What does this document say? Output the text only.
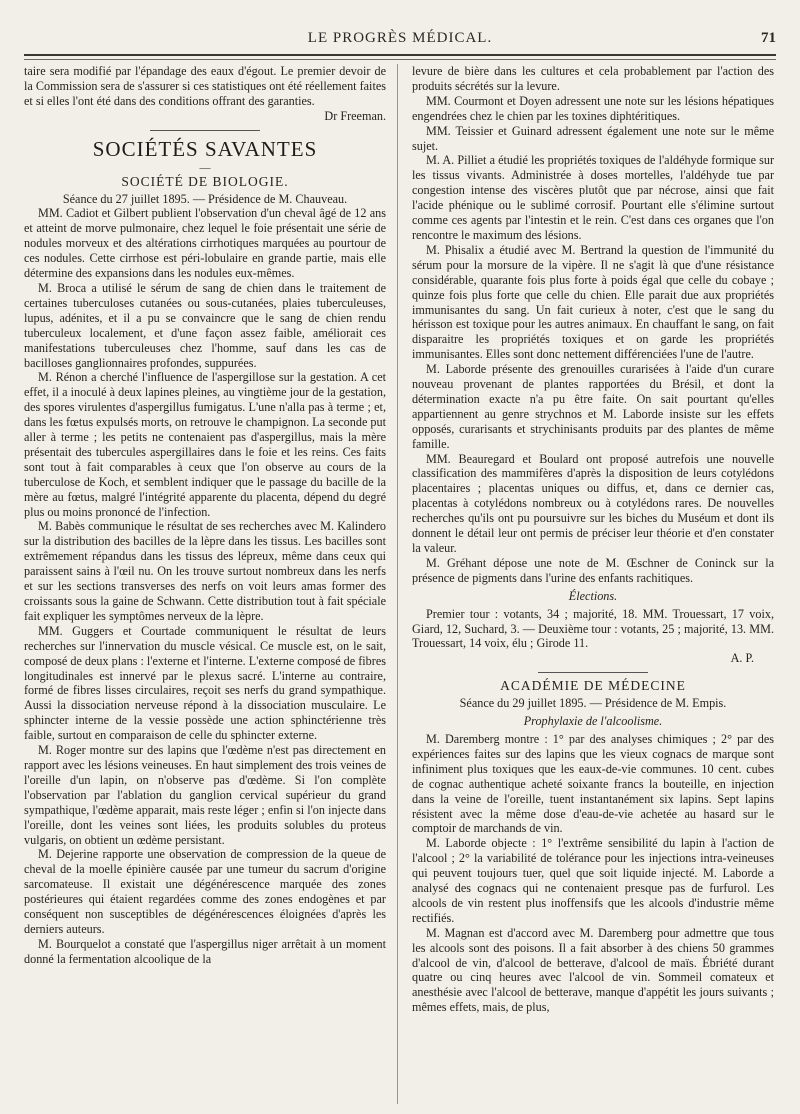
LE PROGRÈS MÉDICAL.	71

taire sera modifié par l'épandage des eaux d'égout. Le premier devoir de la Commission sera de s'assurer si ces statistiques ont été réellement faites et si elles l'ont été dans des conditions offrant des garanties.

Dr Freeman.
SOCIÉTÉS SAVANTES
—
SOCIÉTÉ DE BIOLOGIE.

Séance du 27 juillet 1895. — Présidence de M. Chauveau.

MM. Cadiot et Gilbert publient l'observation d'un cheval âgé de 12 ans et atteint de morve pulmonaire, chez lequel le foie présentait une série de nodules morveux et des altérations cirrhotiques marquées au pourtour de ces nodules. Cette cirrhose est péri-lobulaire en grande partie, mais elle détermine des expansions dans les nodules eux-mêmes.

M. Broca a utilisé le sérum de sang de chien dans le traitement de certaines tuberculoses cutanées ou sous-cutanées, plaies tuberculeuses, lupus, adénites, et il a pu se convaincre que le sang de chien rendu tuberculeux localement, et d'une façon assez faible, améliorait ces manifestations tuberculeuses chez l'homme, sauf dans les cas de bacilloses ganglionnaires profondes, suppurées.

M. Rénon a cherché l'influence de l'aspergillose sur la gestation. A cet effet, il a inoculé à deux lapines pleines, au vingtième jour de la gestation, des spores virulentes d'aspergillus fumigatus. L'une n'alla pas à terme ; et, dans les fœtus expulsés morts, on retrouve le champignon. La seconde put aller à terme ; les petits ne contenaient pas d'aspergillus, mais la mère présentait des tubercules aspergillaires dans le foie et les reins. Ces faits sont tout à fait comparables à ceux que l'on observe au cours de la tuberculose de Koch, et semblent indiquer que le passage du bacille de la mère au fœtus, malgré l'intégrité apparente du placenta, dépend du degré plus ou moins prononcé de l'infection.

M. Babès communique le résultat de ses recherches avec M. Kalindero sur la distribution des bacilles de la lèpre dans les tissus. Les bacilles sont extrêmement répandus dans les tissus des lépreux, même dans ceux qui paraissent sains à l'œil nu. On les trouve surtout nombreux dans les nerfs et sur les sections transverses des nerfs on voit leurs amas former des croissants sous la gaine de Schwann. Cette distribution tout à fait spéciale fait expliquer les symptômes nerveux de la lèpre.

MM. Guggers et Courtade communiquent le résultat de leurs recherches sur l'innervation du muscle vésical. Ce muscle est, on le sait, composé de deux plans : l'externe et l'interne. L'externe composé de fibres longitudinales est innervé par le plexus sacré. L'interne au contraire, formé de fibres lisses circulaires, reçoit ses nerfs du grand sympathique. Aussi la dissociation nerveuse répond à la dissociation musculaire. Le sphincter interne de la vessie possède une action sphinctérienne très faible, surtout en comparaison de celle du sphincter externe.

M. Roger montre sur des lapins que l'œdème n'est pas directement en rapport avec les lésions veineuses. En haut simplement des trois veines de l'oreille d'un lapin, on n'observe pas d'œdème. Si l'on complète l'observation par l'ablation du ganglion cervical supérieur du grand sympathique, l'œdème apparait, mais reste léger ; enfin si l'on injecte dans l'oreille, dont les veines sont liées, les produits solubles du proteus vulgaris, on obtient un œdème persistant.

M. Dejerine rapporte une observation de compression de la queue de cheval de la moelle épinière causée par une tumeur du sacrum d'origine sarcomateuse. Il existait une dégénérescence marquée des zones postérieures qui étaient regardées comme des zones endogènes et par conséquent non susceptibles de dégénérescences éloignées d'après les derniers auteurs.

M. Bourquelot a constaté que l'aspergillus niger arrêtait à un moment donné la fermentation alcoolique de la

levure de bière dans les cultures et cela probablement par l'action des produits sécrétés sur la levure.

MM. Courmont et Doyen adressent une note sur les lésions hépatiques engendrées chez le chien par les toxines diphtéritiques.

MM. Teissier et Guinard adressent également une note sur le même sujet.

M. A. Pilliet a étudié les propriétés toxiques de l'aldéhyde formique sur les tissus vivants. Administrée à doses mortelles, l'aldéhyde tue par congestion intense des viscères plutôt que par nécrose, ainsi que fait l'acide phénique ou le sublimé corrosif. Pourtant elle s'élimine surtout comme ces agents par l'intestin et le rein. C'est dans ces organes que l'on rencontre le maximum des lésions.

M. Phisalix a étudié avec M. Bertrand la question de l'immunité du sérum pour la morsure de la vipère. Il ne s'agit là que d'une résistance considérable, quarante fois plus forte à poids égal que celle du cobaye ; quinze fois plus forte que celle du chien. Elle parait due aux propriétés immunisantes du sang. Un fait curieux à noter, c'est que le sang du hérisson est toxique pour les autres animaux. En chauffant le sang, on fait disparaitre les propriétés toxiques et on garde les propriétés immunisantes. Elles sont donc nettement différenciées l'une de l'autre.

M. Laborde présente des grenouilles curarisées à l'aide d'un curare nouveau provenant de plantes rapportées du Brésil, et dont la détermination exacte n'a pu être faite. On sait pourtant qu'elles appartiennent au genre strychnos et M. Laborde insiste sur les effets opposés, curarisants et strychinisants produits par des plantes de même famille.

MM. Beauregard et Boulard ont proposé autrefois une nouvelle classification des mammifères d'après la disposition de leurs cotylédons placentaires ; placentas uniques ou diffus, et, dans ce dernier cas, placentas à cotylédons nombreux ou à cotylédons rares. De nouvelles recherches qu'ils ont pu poursuivre sur les biches du Muséum et dont ils donnent le détail leur ont permis de préciser leur théorie et d'en constater la valeur.

M. Gréhant dépose une note de M. Œschner de Coninck sur la présence de pigments dans l'urine des enfants rachitiques.

Élections.

Premier tour : votants, 34 ; majorité, 18. MM. Trouessart, 17 voix, Giard, 12, Suchard, 3. — Deuxième tour : votants, 25 ; majorité, 13. MM. Trouessart, 14 voix, élu ; Girode 11.

A. P.
ACADÉMIE DE MÉDECINE

Séance du 29 juillet 1895. — Présidence de M. Empis.

Prophylaxie de l'alcoolisme.

M. Daremberg montre : 1° par des analyses chimiques ; 2° par des expériences faites sur des lapins que les vieux cognacs de marque sont infiniment plus toxiques que les eaux-de-vie communes. 10 cent. cubes de cognac authentique acheté soixante francs la bouteille, en injection dans la veine de l'oreille, tuent instantanément six lapins. Sept lapins résistent avec la même dose d'eau-de-vie achetée au hasard sur le comptoir de marchands de vin.

M. Laborde objecte : 1° l'extrême sensibilité du lapin à l'action de l'alcool ; 2° la variabilité de tolérance pour les injections intra-veineuses qui peuvent toujours tuer, quel que soit liquide injecté. M. Laborde a analysé des cognacs qui ne contenaient presque pas de furfurol. Les alcools de vin restent plus inoffensifs que les alcools d'industrie même rectifiés.

M. Magnan est d'accord avec M. Daremberg pour admettre que tous les alcools sont des poisons. Il a fait absorber à des chiens 50 grammes d'alcool de vin, d'alcool de betterave, d'alcool de maïs. Ébriété durant quatre ou cinq heures avec l'alcool de vin. Sommeil comateux et anesthésie avec l'alcool de betterave, manque d'appétit les jours suivants ; mêmes effets, mais, de plus,
